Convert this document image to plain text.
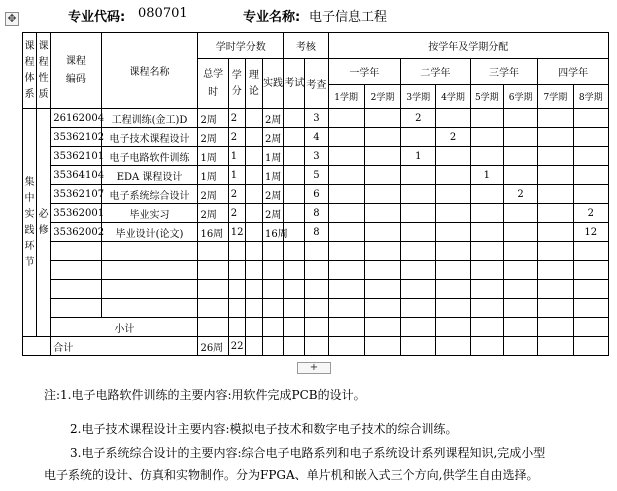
✥	专业代码: 080701	专业名称: 电子信息工程
课程体系	课程性质	课程编码	课程名称	学时学分数				考核		按学年及学期分配							
				总学时	学分	理论	实践	考试	考查	一学年		二学年		三学年		四学年	
										1学期	2学期	3学期	4学期	5学期	6学期	7学期	8学期
集中实践环节	必修	26162004	工程训练(金工)D	2周	2		2周		3			2					
		35362102	电子技术课程设计	2周	2		2周		4				2				
		35362101	电子电路软件训练	1周	1		1周		3			1					
		35364104	EDA 课程设计	1周	1		1周		5					1			
		35362107	电子系统综合设计	2周	2		2周		6						2		
		35362001	毕业实习	2周	2		2周		8								2
		35362002	毕业设计(论文)	16周	12		16周		8								12

		小计															
		合计		26周	22												
+

注:1.电子电路软件训练的主要内容:用软件完成PCB的设计。

2.电子技术课程设计主要内容:模拟电子技术和数字电子技术的综合训练。

3.电子系统综合设计的主要内容:综合电子电路系列和电子系统设计系列课程知识,完成小型

电子系统的设计、仿真和实物制作。分为FPGA、单片机和嵌入式三个方向,供学生自由选择。
